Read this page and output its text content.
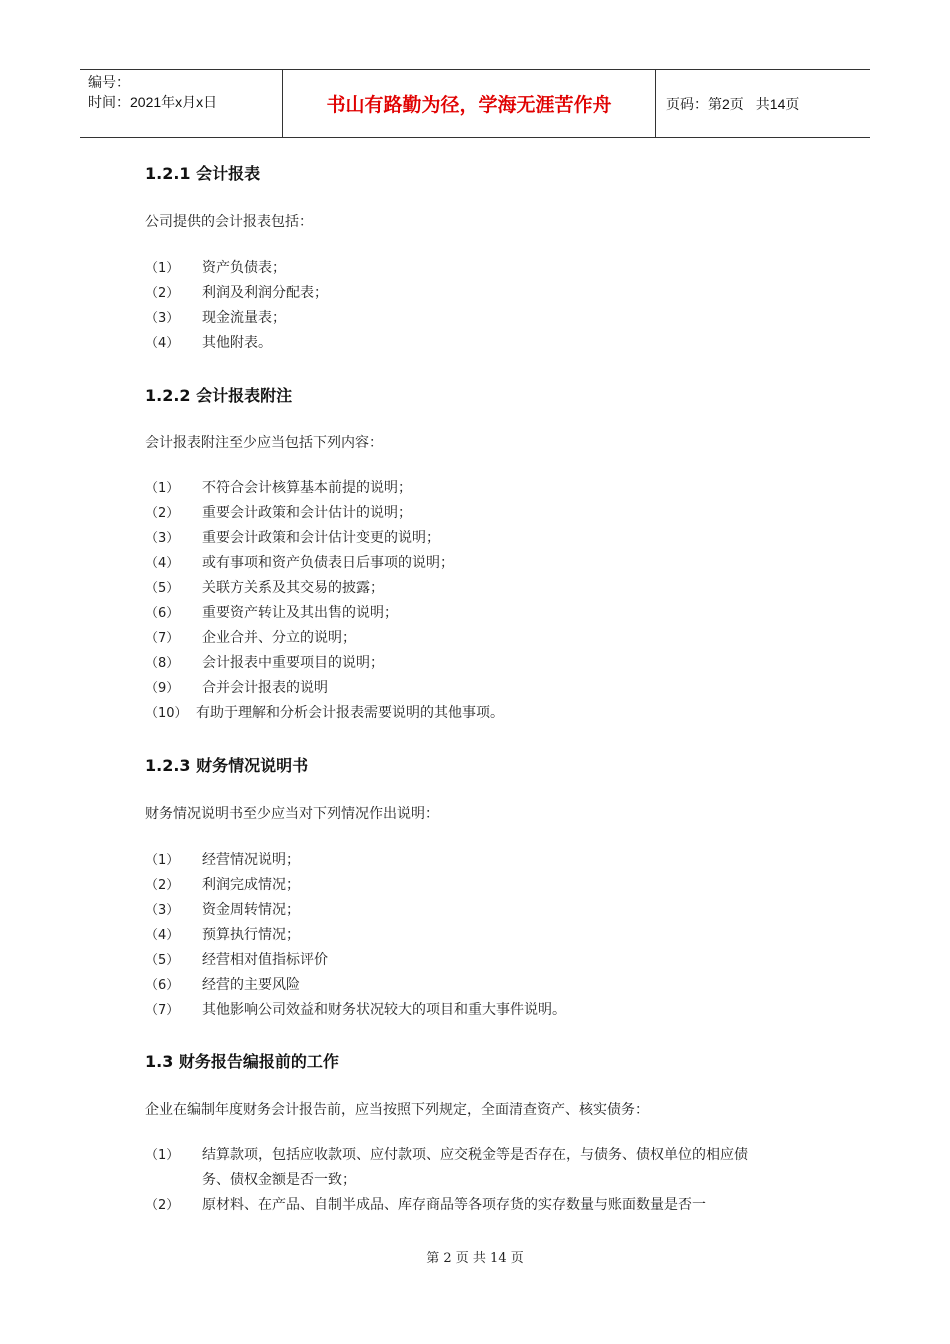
编号：
时间：2021年x月x日	书山有路勤为径，学海无涯苦作舟	页码：第2页 共14页
1.2.1 会计报表
公司提供的会计报表包括：
（1）	资产负债表；
（2）	利润及利润分配表；
（3）	现金流量表；
（4）	其他附表。
1.2.2 会计报表附注
会计报表附注至少应当包括下列内容：
（1）	不符合会计核算基本前提的说明；
（2）	重要会计政策和会计估计的说明；
（3）	重要会计政策和会计估计变更的说明；
（4）	或有事项和资产负债表日后事项的说明；
（5）	关联方关系及其交易的披露；
（6）	重要资产转让及其出售的说明；
（7）	企业合并、分立的说明；
（8）	会计报表中重要项目的说明；
（9）	合并会计报表的说明
（10） 有助于理解和分析会计报表需要说明的其他事项。
1.2.3 财务情况说明书
财务情况说明书至少应当对下列情况作出说明：
（1）	经营情况说明；
（2）	利润完成情况；
（3）	资金周转情况；
（4）	预算执行情况；
（5）	经营相对值指标评价
（6）	经营的主要风险
（7）	其他影响公司效益和财务状况较大的项目和重大事件说明。
1.3 财务报告编报前的工作
企业在编制年度财务会计报告前，应当按照下列规定，全面清查资产、核实债务：
（1）	结算款项，包括应收款项、应付款项、应交税金等是否存在，与债务、债权单位的相应债务、债权金额是否一致；
（2）	原材料、在产品、自制半成品、库存商品等各项存货的实存数量与账面数量是否一
第 2 页 共 14 页
